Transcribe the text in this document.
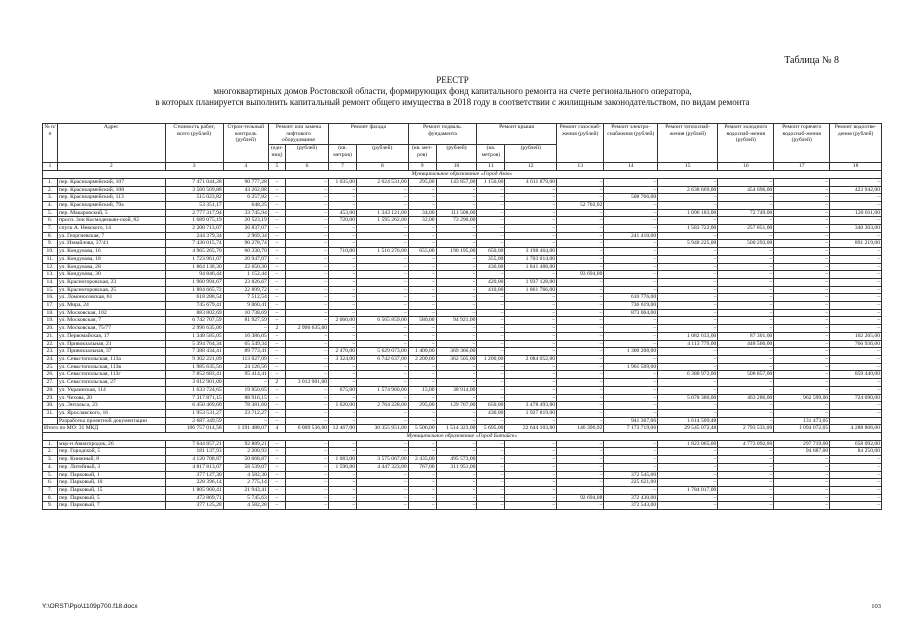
Таблица № 8
РЕЕСТР
многоквартирных домов Ростовской области, формирующих фонд капитального ремонта на счете регионального оператора,
в которых планируется выполнить капитальный ремонт общего имущества в 2018 году в соответствии с жилищным законодательством, по видам ремонта
№ п/п	Адрес	Стоимость работ, всего (рублей)	Строи-тельный контроль (рублей)	Ремонт или замена лифтового оборудования		Ремонт фасада		Ремонт подваль. фундамента		Ремонт крыши		Ремонт газоснаб-жения (рублей)	Ремонт электро-снабжения (рублей)	Ремонт теплоснаб-жения (рублей)	Ремонт холодного водоснаб-жения (рублей)	Ремонт горячего водоснаб-жения (рублей)	Ремонт водоотве-дения (рублей)
				(еди-ниц)	(рублей)	(кв. метров)	(рублей)	(кв. мет-ров)	(рублей)	(кв. метров)	(рублей)						
1	2	3	4	5	6	7	8	9	10	11	12	13	14	15	16	17	18
Муниципальное образование «Город Азов»																	
1.	пер. Красноармейский, 107	7 471 044,28	90 777,28	–	–	1 035,00	2 624 531,00	295,00	143 857,00	1 150,00	4 611 879,00	–	–	–	–	–	–
2.	пер. Красноармейский, 108	3 560 569,88	43 262,88	–	–	–	–	–	–	–	–	–	–	2 638 669,00	454 696,00	–	423 942,00
3.	пер. Красноармейский, 113	515 023,82	6 257,82	–	–	–	–	–	–	–	–	–	508 766,00	–	–	–	–
4.	пер. Красноармейский, 79а	53 351,17	648,25	–	–	–	–	–	–	–	–	52 702,92	–	–	–	–	–
5.	пер. Макаровский, 5	2 777 317,94	33 745,94	–	–	453,00	1 343 121,00	34,00	111 508,00	–	–	–	–	1 096 183,00	72 749,00	–	120 011,00
6.	просп. Зои Космодемьян-ской, 82	1 689 075,19	20 523,19	–	–	720,00	1 595 262,00	32,00	73 290,00	–	–	–	–	–	–	–	–
7.	спуск А. Невского, 14	2 208 713,07	26 837,07	–	–	–	–	–	–	–	–	–	–	1 583 722,00	257 851,00	–	340 303,00
8.	ул. Георгиевская, 7	244 379,34	2 969,34	–	–	–	–	–	–	–	–	–	241 410,00	–	–	–	–
9.	ул. Измайлова, 37/41	7 430 015,74	90 278,74	–	–	–	–	–	–	–	–	–	–	5 948 225,00	500 293,00	–	891 219,00
10.	ул. Кондукова, 16	4 965 265,70	60 330,70	–	–	710,00	1 516 276,00	655,00	190 195,00	650,00	3 198 464,00	–	–	–	–	–	–
11.	ул. Кондукова, 18	1 723 961,07	20 947,07	–	–	–	–	–	–	355,00	1 703 014,00	–	–	–	–	–	–
12.	ул. Кондукова, 28	1 864 138,30	22 650,30	–	–	–	–	–	–	430,00	1 841 488,00	–	–	–	–	–	–
13.	ул. Кондукова, 30	94 846,44	1 152,44	–	–	–	–	–	–	–	–	93 694,00	–	–	–	–	–
14.	ул. Красногоровская, 23	1 960 994,67	23 826,67	–	–	–	–	–	–	420,00	1 937 128,00	–	–	–	–	–	–
15.	ул. Красногоровская, 25	1 884 665,72	22 899,72	–	–	–	–	–	–	410,00	1 861 766,00	–	–	–	–	–	–
16.	ул. Ломоносовская, 61	618 288,54	7 512,54	–	–	–	–	–	–	–	–	–	610 776,00	–	–	–	–
17.	ул. Мира, 24	745 679,41	9 060,41	–	–	–	–	–	–	–	–	–	736 619,00	–	–	–	–
18.	ул. Московская, 102	883 802,69	10 738,69	–	–	–	–	–	–	–	–	–	873 064,00	–	–	–	–
19.	ул. Московская, 7	6 742 707,59	81 927,59	–	–	2 060,00	6 565 859,00	580,00	94 921,00	–	–	–	–	–	–	–	–
20.	ул. Московская, 75/77	2 996 635,00	–	2	2 996 635,00	–	–	–	–	–	–	–	–	–	–	–	–
21.	ул. Первомайская, 17	1 348 585,05	16 386,05	–	–	–	–	–	–	–	–	–	–	1 082 633,00	87 301,00	–	162 265,00
22.	ул. Привокзальная, 21	5 394 764,34	65 549,34	–	–	–	–	–	–	–	–	–	–	4 113 779,00	448 500,00	–	766 936,00
23.	ул. Привокзальная, 37	7 388 434,41	89 773,41	–	–	2 470,00	5 629 073,00	1 400,00	369 366,00	–	–	–	1 300 208,00	–	–	–	–
24.	ул. Севастопольская, 113а	9 302 221,09	113 027,09	–	–	3 324,00	6 742 637,00	2 200,00	362 505,00	1 200,00	2 084 052,00	–	–	–	–	–	–
25.	ул. Севастопольская, 113в	1 985 635,56	24 126,56	–	–	–	–	–	–	–	–	–	1 961 509,00	–	–	–	–
26.	ул. Севастопольская, 113г	7 852 683,41	95 414,41	–	–	–	–	–	–	–	–	–	–	6 388 972,00	508 857,00	–	859 440,00
27.	ул. Севастопольская, 27	3 012 901,00	–	2	3 012 901,00	–	–	–	–	–	–	–	–	–	–	–	–
28.	ул. Украинская, 114	1 633 724,65	19 850,65	–	–	675,00	1 574 960,00	15,00	38 914,00	–	–	–	–	–	–	–	–
29.	ул. Чехова, 20	7 317 871,15	88 916,15	–	–	–	–	–	–	–	–	–	–	5 078 380,00	463 286,00	962 599,00	724 690,00
30.	ул. Энтальса, 23	6 450 469,60	78 381,60	–	–	1 020,00	2 764 228,00	295,00	129 767,00	650,00	3 478 493,00	–	–	–	–	–	–
31.	ул. Ярославского, 16	1 953 531,27	23 712,27	–	–	–	–	–	–	430,00	1 927 819,00	–	–	–	–	–	–
	Разработка проектной документации	2 687 349,59	–	–	–	–	–	–	–	–	–	–	941 367,06	1 614 509,48	–	131 473,05	
Итого по МО: 31 МКД		106 757 014,58	1 191 488,07	4	6 009 536,00	12 467,00	30 355 951,00	5 506,00	1 514 323,00	5 695,00	22 644 103,00	146 396,92	7 173 719,06	29 545 072,48	2 793 531,00	1 094 072,05	4 288 806,00
Муниципальное образование «Город Батайск»																	
1.	мкр-н Авиагородок, 26	7 644 857,21	92 889,21	–	–	–	–	–	–	–	–	–	–	1 823 065,00	4 773 092,00	297 719,00	658 092,00
2.	пер. Городской, 5	181 137,93	2 200,93	–	–	–	–	–	–	–	–	–	–	–	–	94 687,00	84 250,00
3.	пер. Книжный, 8	4 120 708,87	50 068,87	–	–	1 083,00	3 575 067,00	2 435,00	495 573,00	–	–	–	–	–	–	–	–
4.	пер. Литейный, 3	4 817 813,07	58 539,07	–	–	1 596,00	4 447 323,00	767,00	311 951,00	–	–	–	–	–	–	–	–
5.	пер. Парковый, 1	377 127,30	4 582,30	–	–	–	–	–	–	–	–	–	372 545,00	–	–	–	–
6.	пер. Парковый, 10	228 396,14	2 775,14	–	–	–	–	–	–	–	–	–	225 621,00	–	–	–	–
7.	пер. Парковый, 15	1 805 960,41	21 943,41	–	–	–	–	–	–	–	–	–	–	1 784 017,00	–	–	–
8.	пер. Парковый, 5	472 869,71	5 745,63	–	–	–	–	–	–	–	–	92 694,08	372 430,00	–	–	–	–
9.	пер. Парковый, 7	377 125,28	4 582,28	–	–	–	–	–	–	–	–	–	372 543,00	–	–	–	–
Y:\ORST\Ppo\1109p700.f18.docx	103
